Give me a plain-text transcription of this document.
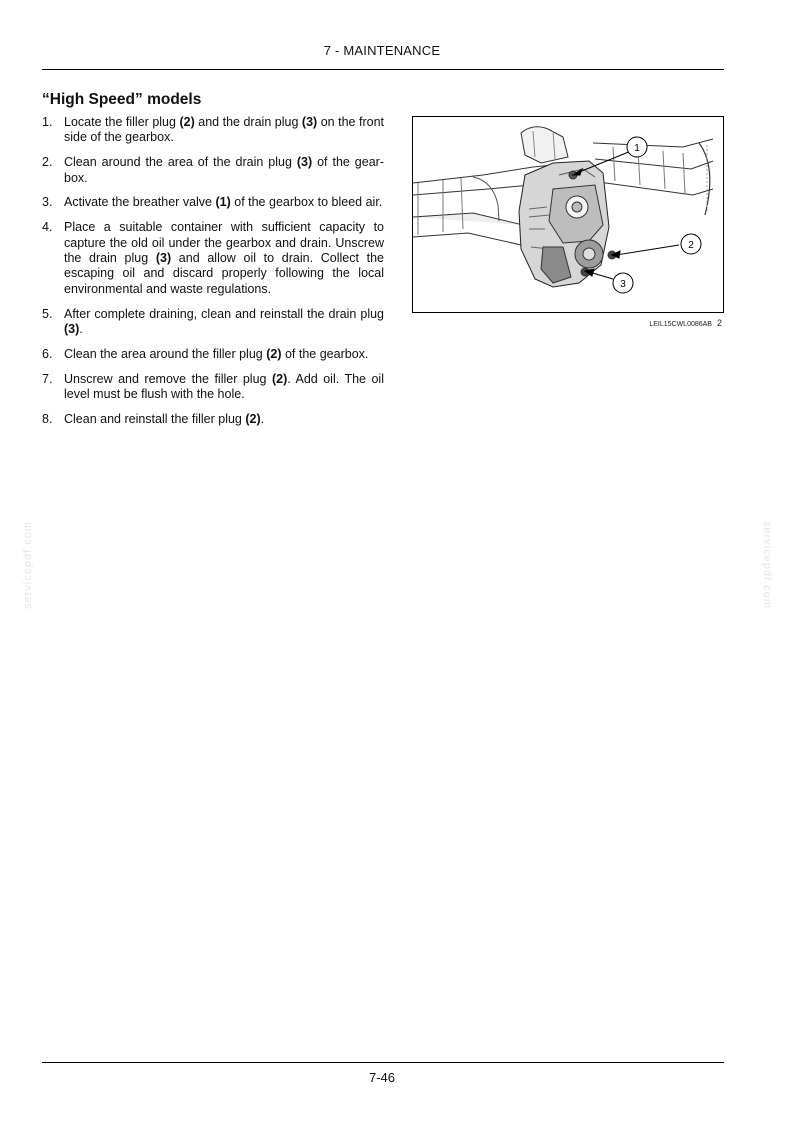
7 - MAINTENANCE
“High Speed” models
1. Locate the filler plug (2) and the drain plug (3) on the front side of the gearbox.
2. Clean around the area of the drain plug (3) of the gear-box.
3. Activate the breather valve (1) of the gearbox to bleed air.
4. Place a suitable container with sufficient capacity to capture the old oil under the gearbox and drain. Unscrew the drain plug (3) and allow oil to drain. Collect the escaping oil and discard properly following the local environmental and waste regulations.
5. After complete draining, clean and reinstall the drain plug (3).
6. Clean the area around the filler plug (2) of the gearbox.
7. Unscrew and remove the filler plug (2). Add oil. The oil level must be flush with the hole.
8. Clean and reinstall the filler plug (2).
1
2
3
LEIL15CWL0086AB 2
servicepdf.com	servicepdf.com
7-46
